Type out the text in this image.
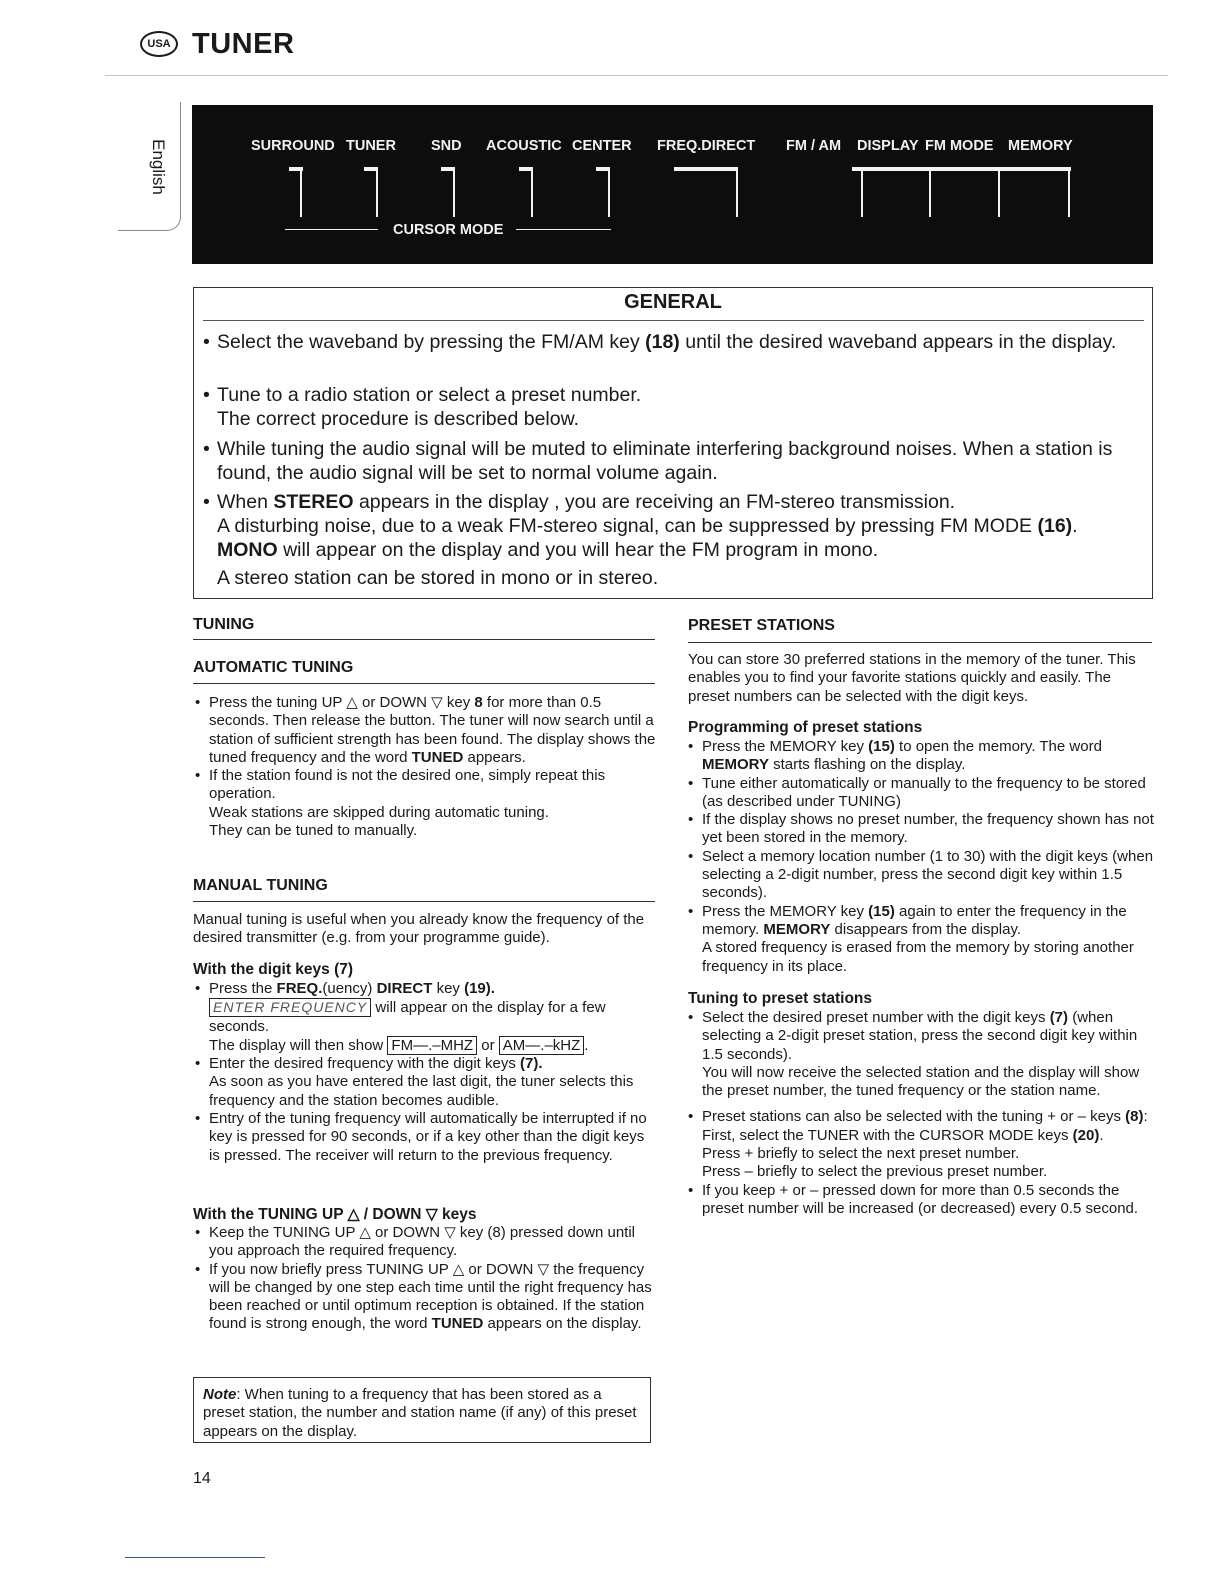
USA TUNER
English	SURROUND TUNER SND ACOUSTIC CENTER FREQ.DIRECT FM / AM DISPLAY FM MODE MEMORY
CURSOR MODE
GENERAL
• Select the waveband by pressing the FM/AM key (18) until the desired waveband appears in the display.
• Tune to a radio station or select a preset number.
The correct procedure is described below.
• While tuning the audio signal will be muted to eliminate interfering background noises. When a station is found, the audio signal will be set to normal volume again.
• When STEREO appears in the display , you are receiving an FM-stereo transmission.
A disturbing noise, due to a weak FM-stereo signal, can be suppressed by pressing FM MODE (16).
MONO will appear on the display and you will hear the FM program in mono.
A stereo station can be stored in mono or in stereo.
TUNING
AUTOMATIC TUNING
• Press the tuning UP △ or DOWN ▽ key 8 for more than 0.5 seconds. Then release the button. The tuner will now search until a station of sufficient strength has been found. The display shows the tuned frequency and the word TUNED appears.
• If the station found is not the desired one, simply repeat this operation.
Weak stations are skipped during automatic tuning.
They can be tuned to manually.
MANUAL TUNING
Manual tuning is useful when you already know the frequency of the desired transmitter (e.g. from your programme guide).
With the digit keys (7)
• Press the FREQ.(uency) DIRECT key (19).
ENTER FREQUENCY will appear on the display for a few seconds.
The display will then show FM—.–MHZ or AM—.–kHZ .
• Enter the desired frequency with the digit keys (7).
As soon as you have entered the last digit, the tuner selects this frequency and the station becomes audible.
• Entry of the tuning frequency will automatically be interrupted if no key is pressed for 90 seconds, or if a key other than the digit keys is pressed. The receiver will return to the previous frequency.
With the TUNING UP △ / DOWN ▽ keys
• Keep the TUNING UP △ or DOWN ▽ key (8) pressed down until you approach the required frequency.
• If you now briefly press TUNING UP △ or DOWN ▽ the frequency will be changed by one step each time until the right frequency has been reached or until optimum reception is obtained. If the station found is strong enough, the word TUNED appears on the display.
Note: When tuning to a frequency that has been stored as a preset station, the number and station name (if any) of this preset appears on the display.
PRESET STATIONS
You can store 30 preferred stations in the memory of the tuner. This enables you to find your favorite stations quickly and easily. The preset numbers can be selected with the digit keys.
Programming of preset stations
• Press the MEMORY key (15) to open the memory. The word MEMORY starts flashing on the display.
• Tune either automatically or manually to the frequency to be stored (as described under TUNING)
• If the display shows no preset number, the frequency shown has not yet been stored in the memory.
• Select a memory location number (1 to 30) with the digit keys (when selecting a 2-digit number, press the second digit key within 1.5 seconds).
• Press the MEMORY key (15) again to enter the frequency in the memory. MEMORY disappears from the display.
A stored frequency is erased from the memory by storing another frequency in its place.
Tuning to preset stations
• Select the desired preset number with the digit keys (7) (when selecting a 2-digit preset station, press the second digit key within 1.5 seconds).
You will now receive the selected station and the display will show the preset number, the tuned frequency or the station name.
• Preset stations can also be selected with the tuning + or – keys (8):
First, select the TUNER with the CURSOR MODE keys (20).
Press + briefly to select the next preset number.
Press – briefly to select the previous preset number.
• If you keep + or – pressed down for more than 0.5 seconds the preset number will be increased (or decreased) every 0.5 second.
14
